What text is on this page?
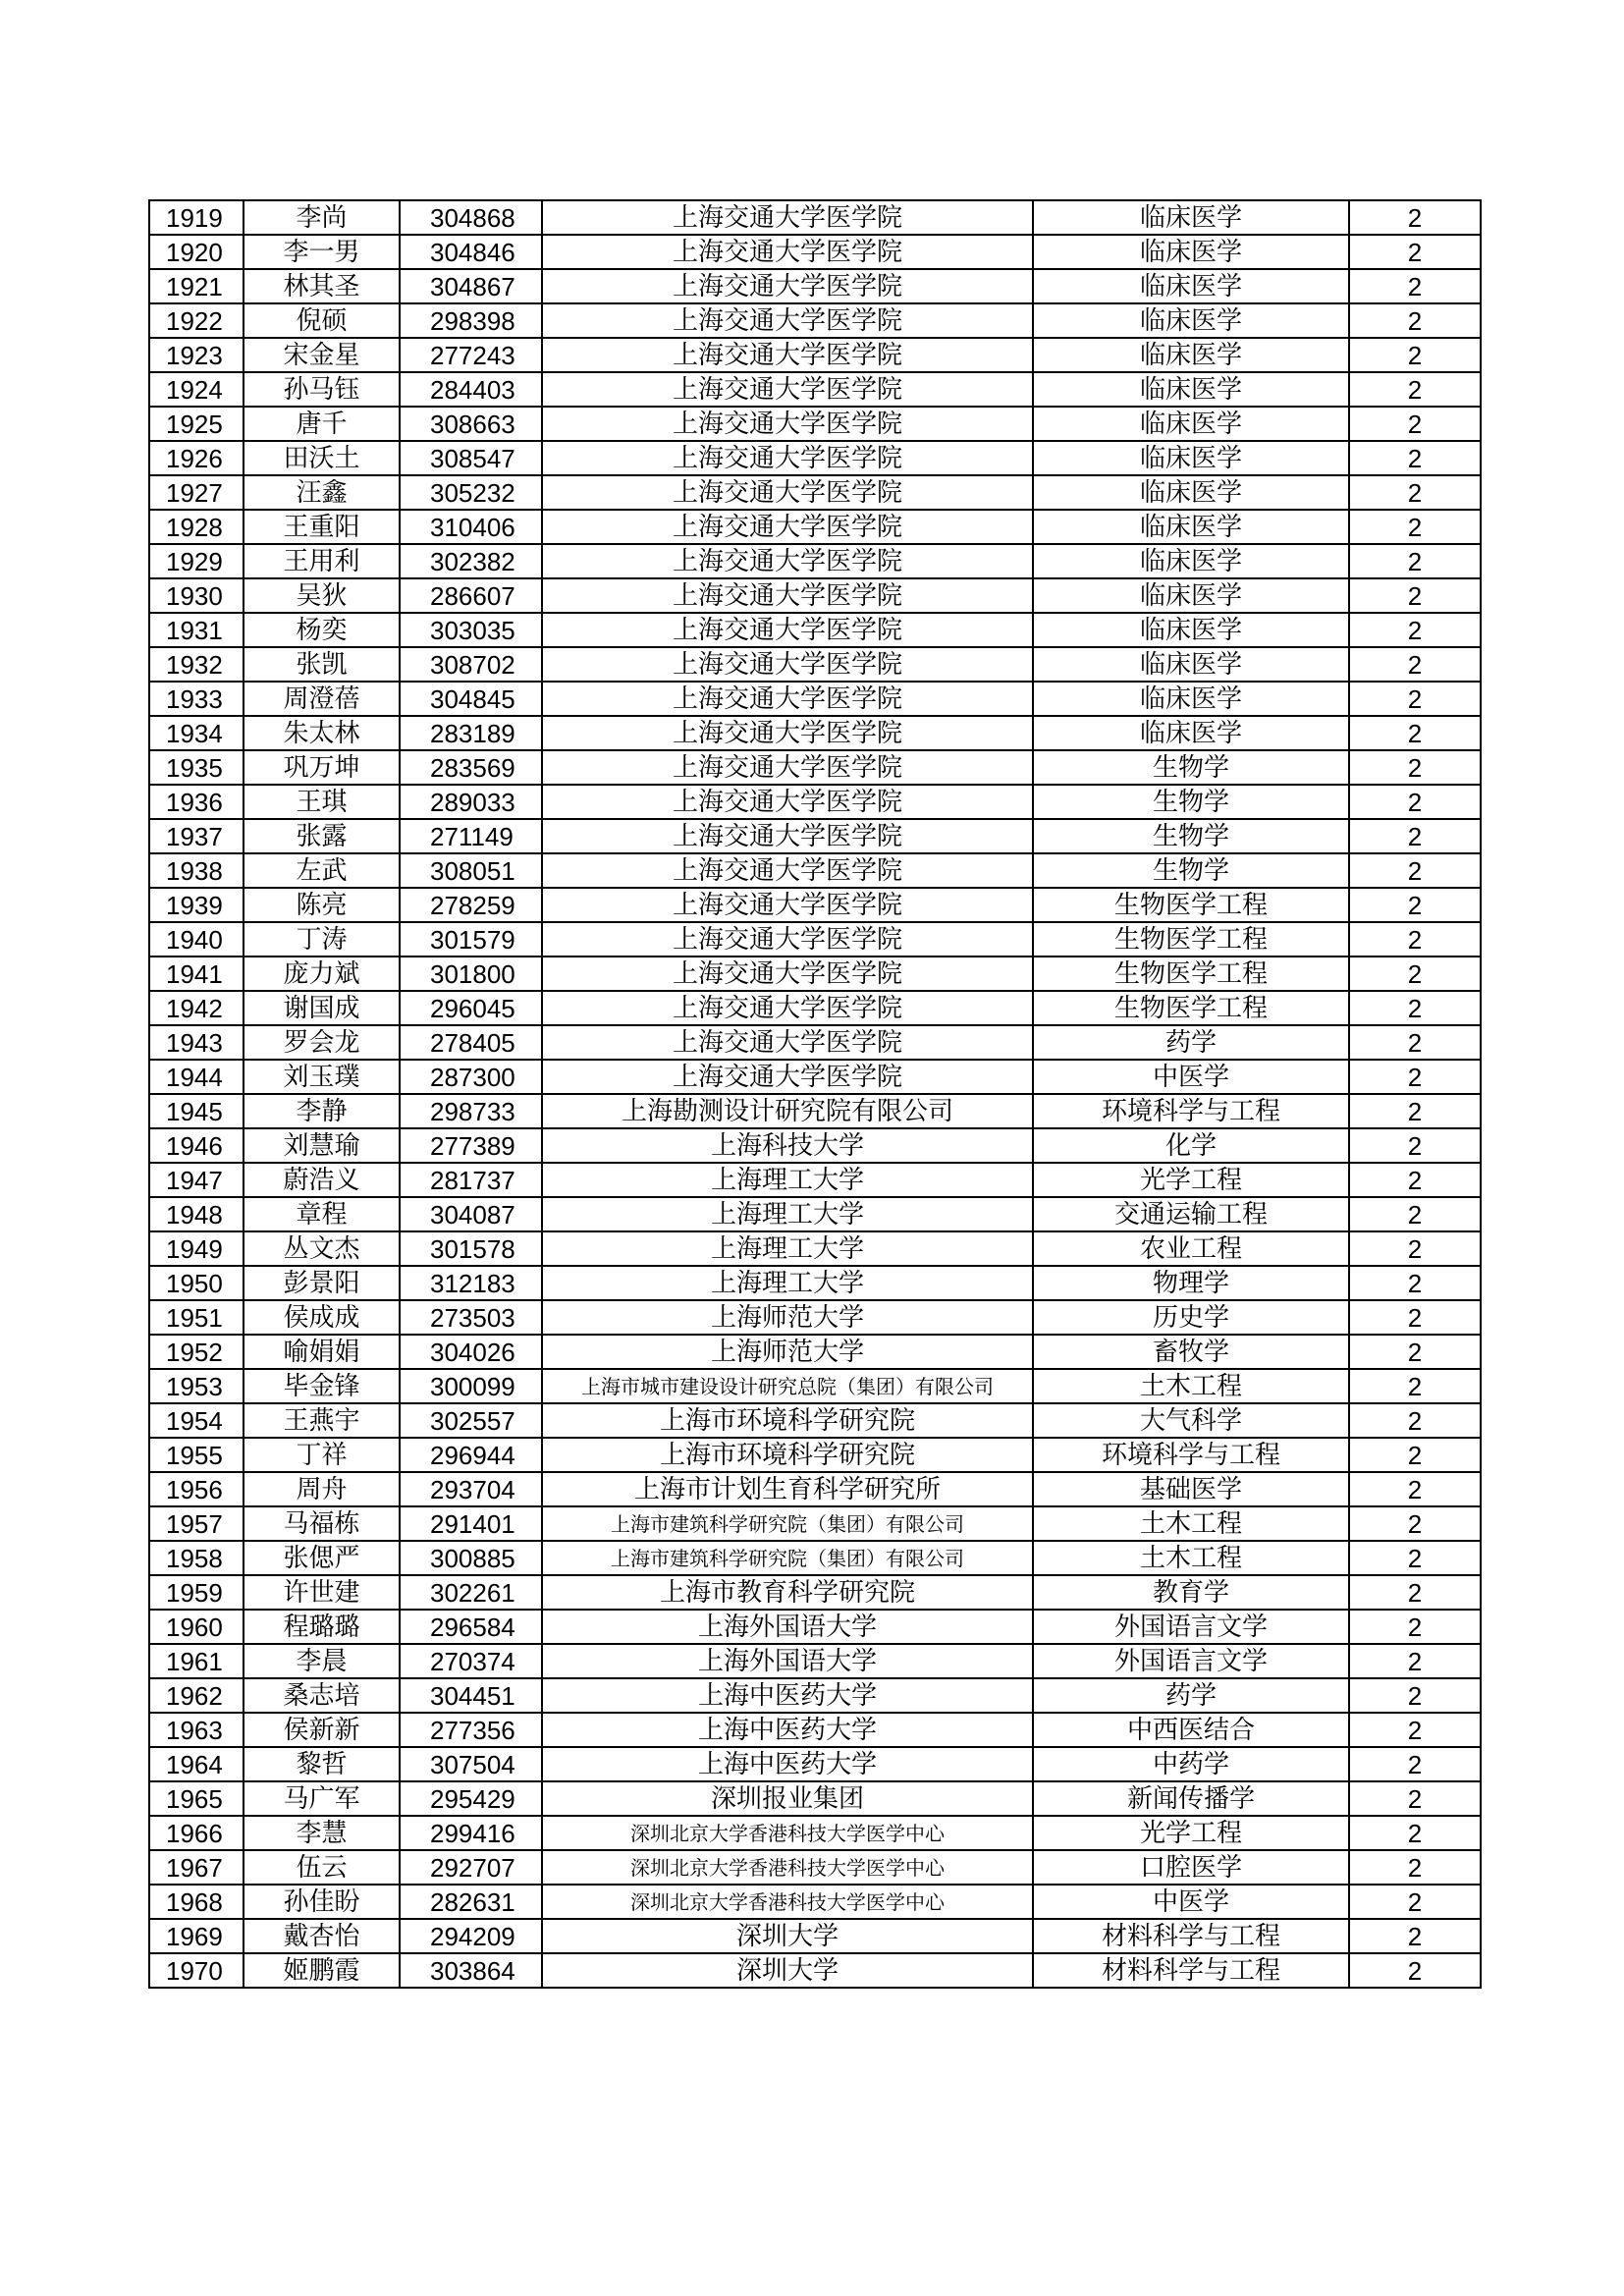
1919	李尚	304868	上海交通大学医学院	临床医学	2
1920	李一男	304846	上海交通大学医学院	临床医学	2
1921	林其圣	304867	上海交通大学医学院	临床医学	2
1922	倪硕	298398	上海交通大学医学院	临床医学	2
1923	宋金星	277243	上海交通大学医学院	临床医学	2
1924	孙马钰	284403	上海交通大学医学院	临床医学	2
1925	唐千	308663	上海交通大学医学院	临床医学	2
1926	田沃土	308547	上海交通大学医学院	临床医学	2
1927	汪鑫	305232	上海交通大学医学院	临床医学	2
1928	王重阳	310406	上海交通大学医学院	临床医学	2
1929	王用利	302382	上海交通大学医学院	临床医学	2
1930	吴狄	286607	上海交通大学医学院	临床医学	2
1931	杨奕	303035	上海交通大学医学院	临床医学	2
1932	张凯	308702	上海交通大学医学院	临床医学	2
1933	周澄蓓	304845	上海交通大学医学院	临床医学	2
1934	朱太林	283189	上海交通大学医学院	临床医学	2
1935	巩万坤	283569	上海交通大学医学院	生物学	2
1936	王琪	289033	上海交通大学医学院	生物学	2
1937	张露	271149	上海交通大学医学院	生物学	2
1938	左武	308051	上海交通大学医学院	生物学	2
1939	陈亮	278259	上海交通大学医学院	生物医学工程	2
1940	丁涛	301579	上海交通大学医学院	生物医学工程	2
1941	庞力斌	301800	上海交通大学医学院	生物医学工程	2
1942	谢国成	296045	上海交通大学医学院	生物医学工程	2
1943	罗会龙	278405	上海交通大学医学院	药学	2
1944	刘玉璞	287300	上海交通大学医学院	中医学	2
1945	李静	298733	上海勘测设计研究院有限公司	环境科学与工程	2
1946	刘慧瑜	277389	上海科技大学	化学	2
1947	蔚浩义	281737	上海理工大学	光学工程	2
1948	章程	304087	上海理工大学	交通运输工程	2
1949	丛文杰	301578	上海理工大学	农业工程	2
1950	彭景阳	312183	上海理工大学	物理学	2
1951	侯成成	273503	上海师范大学	历史学	2
1952	喻娟娟	304026	上海师范大学	畜牧学	2
1953	毕金锋	300099	上海市城市建设设计研究总院（集团）有限公司	土木工程	2
1954	王燕宇	302557	上海市环境科学研究院	大气科学	2
1955	丁祥	296944	上海市环境科学研究院	环境科学与工程	2
1956	周舟	293704	上海市计划生育科学研究所	基础医学	2
1957	马福栋	291401	上海市建筑科学研究院（集团）有限公司	土木工程	2
1958	张偲严	300885	上海市建筑科学研究院（集团）有限公司	土木工程	2
1959	许世建	302261	上海市教育科学研究院	教育学	2
1960	程璐璐	296584	上海外国语大学	外国语言文学	2
1961	李晨	270374	上海外国语大学	外国语言文学	2
1962	桑志培	304451	上海中医药大学	药学	2
1963	侯新新	277356	上海中医药大学	中西医结合	2
1964	黎哲	307504	上海中医药大学	中药学	2
1965	马广军	295429	深圳报业集团	新闻传播学	2
1966	李慧	299416	深圳北京大学香港科技大学医学中心	光学工程	2
1967	伍云	292707	深圳北京大学香港科技大学医学中心	口腔医学	2
1968	孙佳盼	282631	深圳北京大学香港科技大学医学中心	中医学	2
1969	戴杏怡	294209	深圳大学	材料科学与工程	2
1970	姬鹏霞	303864	深圳大学	材料科学与工程	2
